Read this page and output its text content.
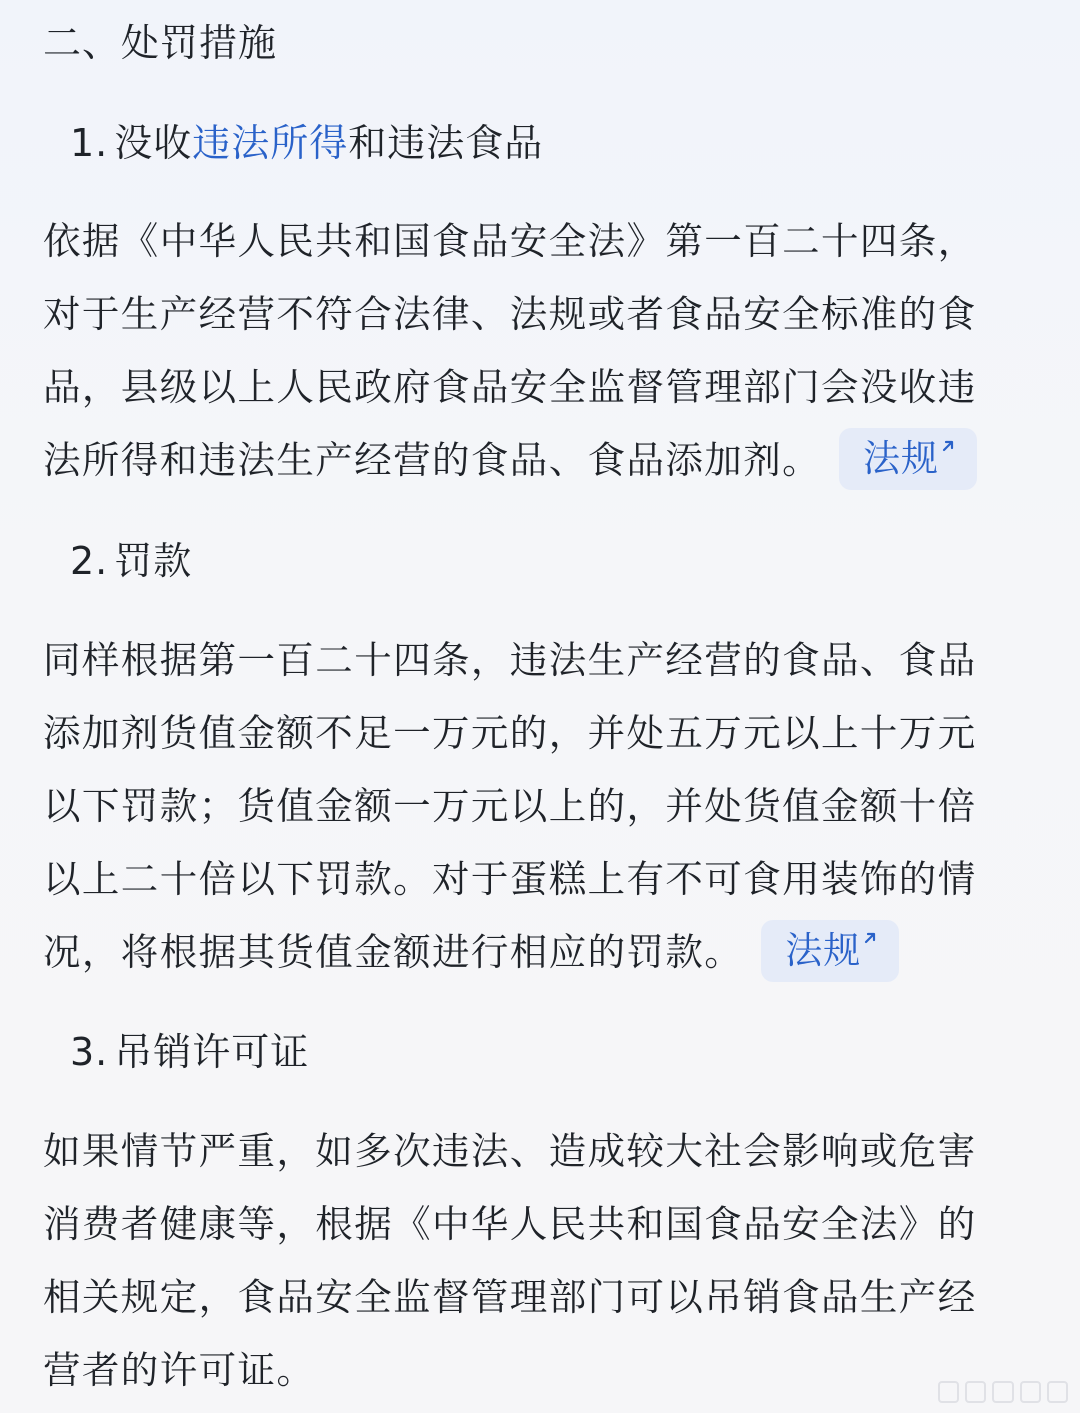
二、处罚措施
1. 没收违法所得和违法食品

依据《中华人民共和国食品安全法》第一百二十四条，
对于生产经营不符合法律、法规或者食品安全标准的食
品，县级以上人民政府食品安全监督管理部门会没收违
法所得和违法生产经营的食品、食品添加剂。 法规

2. 罚款

同样根据第一百二十四条，违法生产经营的食品、食品
添加剂货值金额不足一万元的，并处五万元以上十万元
以下罚款；货值金额一万元以上的，并处货值金额十倍
以上二十倍以下罚款。对于蛋糕上有不可食用装饰的情
况，将根据其货值金额进行相应的罚款。 法规

3. 吊销许可证

如果情节严重，如多次违法、造成较大社会影响或危害
消费者健康等，根据《中华人民共和国食品安全法》的
相关规定，食品安全监督管理部门可以吊销食品生产经
营者的许可证。
